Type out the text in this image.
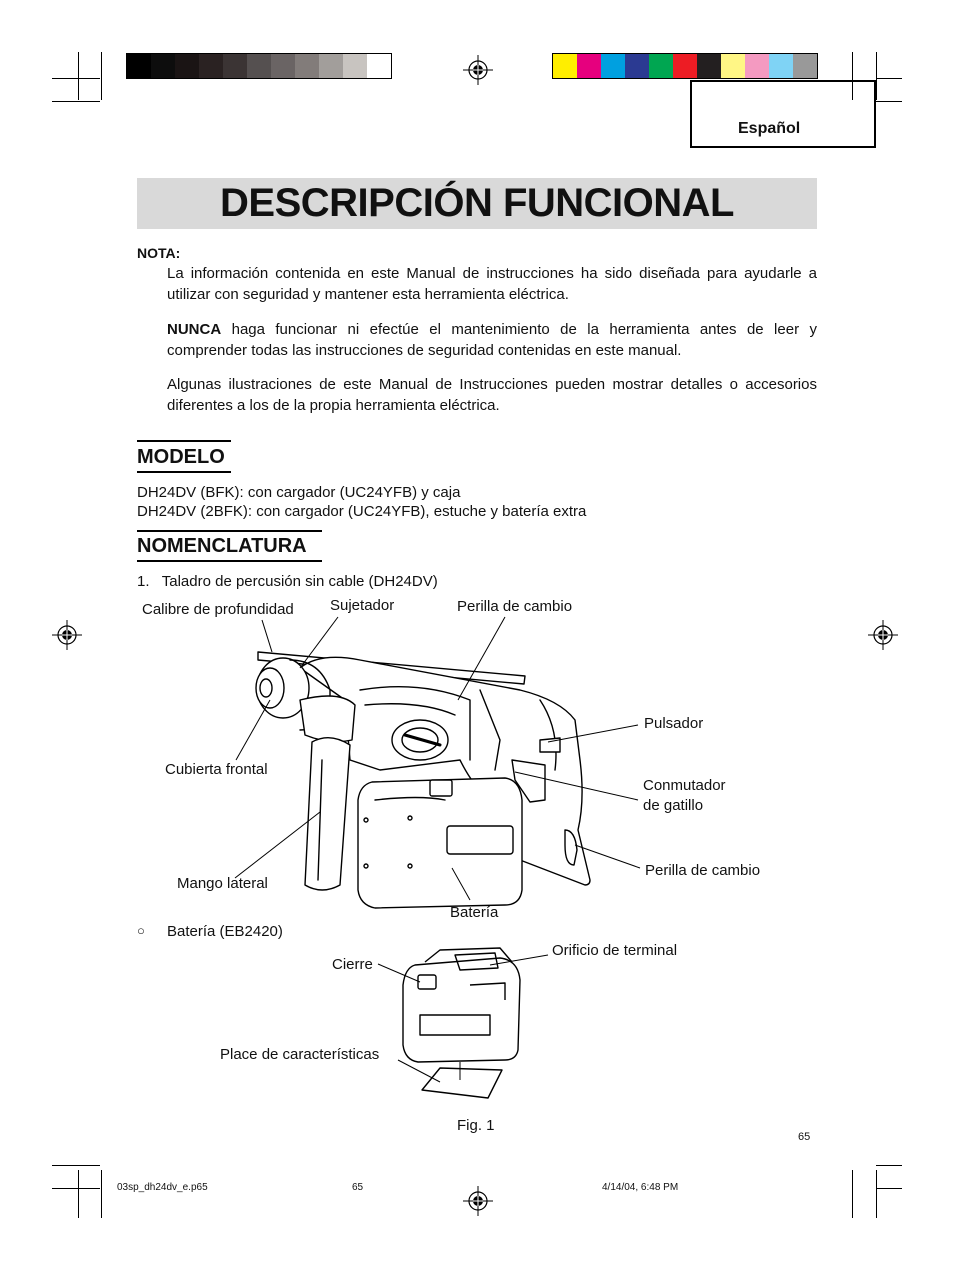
Español
DESCRIPCIÓN FUNCIONAL
NOTA:
La información contenida en este Manual de instrucciones ha sido diseñada para ayudarle a utilizar con seguridad y mantener esta herramienta eléctrica.
NUNCA haga funcionar ni efectúe el mantenimiento de la herramienta antes de leer y comprender todas las instrucciones de seguridad contenidas en este manual.
Algunas ilustraciones de este Manual de Instrucciones pueden mostrar detalles o accesorios diferentes a los de la propia herramienta eléctrica.
MODELO
DH24DV (BFK): con cargador (UC24YFB) y caja
DH24DV (2BFK): con cargador (UC24YFB), estuche y batería extra
NOMENCLATURA
1.   Taladro de percusión sin cable (DH24DV)
Calibre de profundidad Sujetador	Perilla de cambio
Pulsador
Cubierta frontal
Conmutador
de gatillo
Perilla de cambio
Mango lateral
Batería
○ Batería (EB2420)
Orificio de terminal
Cierre
Place de características
Fig. 1
65
03sp_dh24dv_e.p65	65	4/14/04, 6:48 PM
